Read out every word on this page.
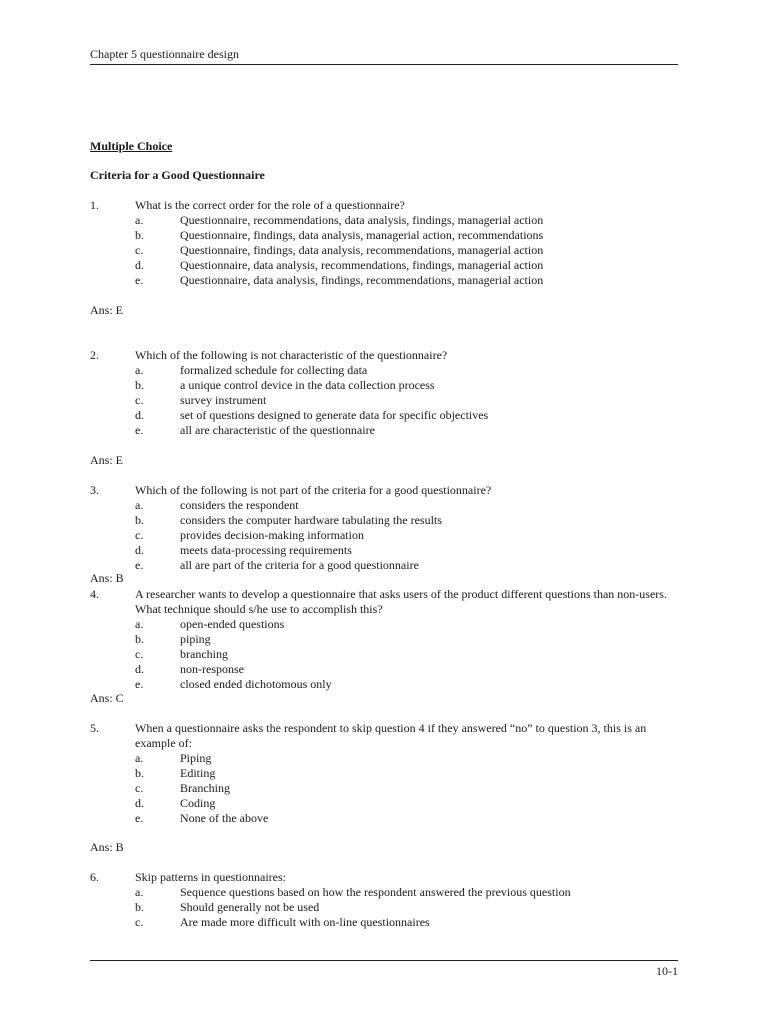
Chapter 5 questionnaire design
Multiple Choice
Criteria for a Good Questionnaire
1.	What is the correct order for the role of a questionnaire?
a.	Questionnaire, recommendations, data analysis, findings, managerial action
b.	Questionnaire, findings, data analysis, managerial action, recommendations
c.	Questionnaire, findings, data analysis, recommendations, managerial action
d.	Questionnaire, data analysis, recommendations, findings, managerial action
e.	Questionnaire, data analysis, findings, recommendations, managerial action
Ans: E
2.	Which of the following is not characteristic of the questionnaire?
a.	formalized schedule for collecting data
b.	a unique control device in the data collection process
c.	survey instrument
d.	set of questions designed to generate data for specific objectives
e.	all are characteristic of the questionnaire
Ans: E
3.	Which of the following is not part of the criteria for a good questionnaire?
a.	considers the respondent
b.	considers the computer hardware tabulating the results
c.	provides decision-making information
d.	meets data-processing requirements
e.	all are part of the criteria for a good questionnaire
Ans: B
4.	A researcher wants to develop a questionnaire that asks users of the product different questions than non-users. What technique should s/he use to accomplish this?
a.	open-ended questions
b.	piping
c.	branching
d.	non-response
e.	closed ended dichotomous only
Ans: C
5.	When a questionnaire asks the respondent to skip question 4 if they answered “no” to question 3, this is an example of:
a.	Piping
b.	Editing
c.	Branching
d.	Coding
e.	None of the above
Ans: B
6.	Skip patterns in questionnaires:
a.	Sequence questions based on how the respondent answered the previous question
b.	Should generally not be used
c.	Are made more difficult with on-line questionnaires
10-1
